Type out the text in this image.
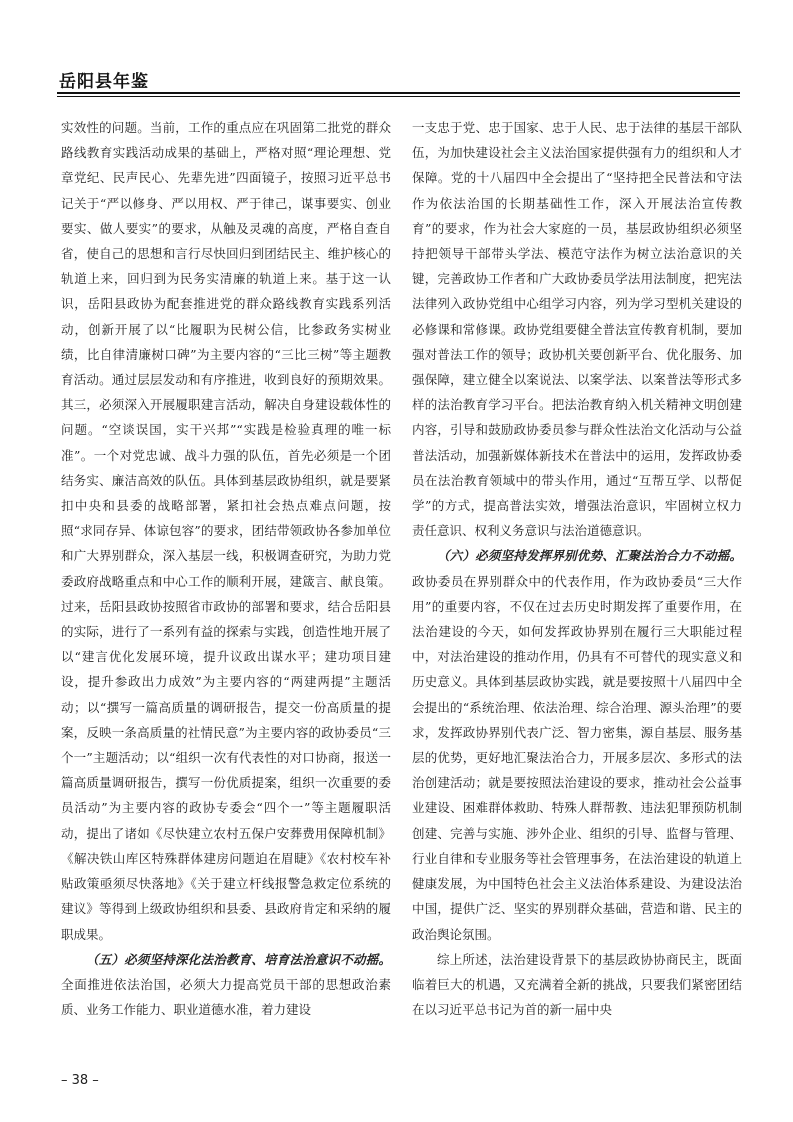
岳阳县年鉴

实效性的问题。当前，工作的重点应在巩固第二批党的群众路线教育实践活动成果的基础上，严格对照“理论理想、党章党纪、民声民心、先辈先进”四面镜子，按照习近平总书记关于“严以修身、严以用权、严于律己，谋事要实、创业要实、做人要实”的要求，从触及灵魂的高度，严格自查自省，使自己的思想和言行尽快回归到团结民主、维护核心的轨道上来，回归到为民务实清廉的轨道上来。基于这一认识，岳阳县政协为配套推进党的群众路线教育实践系列活动，创新开展了以“比履职为民树公信，比参政务实树业绩，比自律清廉树口碑”为主要内容的“三比三树”等主题教育活动。通过层层发动和有序推进，收到良好的预期效果。其三，必须深入开展履职建言活动，解决自身建设载体性的问题。“空谈误国，实干兴邦”“实践是检验真理的唯一标准”。一个对党忠诚、战斗力强的队伍，首先必须是一个团结务实、廉洁高效的队伍。具体到基层政协组织，就是要紧扣中央和县委的战略部署，紧扣社会热点难点问题，按照“求同存异、体谅包容”的要求，团结带领政协各参加单位和广大界别群众，深入基层一线，积极调查研究，为助力党委政府战略重点和中心工作的顺利开展，建箴言、献良策。过来，岳阳县政协按照省市政协的部署和要求，结合岳阳县的实际，进行了一系列有益的探索与实践，创造性地开展了以“建言优化发展环境，提升议政出谋水平；建功项目建设，提升参政出力成效”为主要内容的“两建两提”主题活动；以“撰写一篇高质量的调研报告，提交一份高质量的提案，反映一条高质量的社情民意”为主要内容的政协委员“三个一”主题活动；以“组织一次有代表性的对口协商，报送一篇高质量调研报告，撰写一份优质提案，组织一次重要的委员活动”为主要内容的政协专委会“四个一”等主题履职活动，提出了诸如《尽快建立农村五保户安葬费用保障机制》《解决铁山库区特殊群体建房问题迫在眉睫》《农村校车补贴政策亟须尽快落地》《关于建立杆线报警急救定位系统的建议》等得到上级政协组织和县委、县政府肯定和采纳的履职成果。

（五）必须坚持深化法治教育、培育法治意识不动摇。全面推进依法治国，必须大力提高党员干部的思想政治素质、业务工作能力、职业道德水准，着力建设

一支忠于党、忠于国家、忠于人民、忠于法律的基层干部队伍，为加快建设社会主义法治国家提供强有力的组织和人才保障。党的十八届四中全会提出了“坚持把全民普法和守法作为依法治国的长期基础性工作，深入开展法治宣传教育”的要求，作为社会大家庭的一员，基层政协组织必须坚持把领导干部带头学法、模范守法作为树立法治意识的关键，完善政协工作者和广大政协委员学法用法制度，把宪法法律列入政协党组中心组学习内容，列为学习型机关建设的必修课和常修课。政协党组要健全普法宣传教育机制，要加强对普法工作的领导；政协机关要创新平台、优化服务、加强保障，建立健全以案说法、以案学法、以案普法等形式多样的法治教育学习平台。把法治教育纳入机关精神文明创建内容，引导和鼓励政协委员参与群众性法治文化活动与公益普法活动，加强新媒体新技术在普法中的运用，发挥政协委员在法治教育领域中的带头作用，通过“互帮互学、以帮促学”的方式，提高普法实效，增强法治意识，牢固树立权力责任意识、权利义务意识与法治道德意识。

（六）必须坚持发挥界别优势、汇聚法治合力不动摇。政协委员在界别群众中的代表作用，作为政协委员“三大作用”的重要内容，不仅在过去历史时期发挥了重要作用，在法治建设的今天，如何发挥政协界别在履行三大职能过程中，对法治建设的推动作用，仍具有不可替代的现实意义和历史意义。具体到基层政协实践，就是要按照十八届四中全会提出的“系统治理、依法治理、综合治理、源头治理”的要求，发挥政协界别代表广泛、智力密集，源自基层、服务基层的优势，更好地汇聚法治合力，开展多层次、多形式的法治创建活动；就是要按照法治建设的要求，推动社会公益事业建设、困难群体救助、特殊人群帮教、违法犯罪预防机制创建、完善与实施、涉外企业、组织的引导、监督与管理、行业自律和专业服务等社会管理事务，在法治建设的轨道上健康发展，为中国特色社会主义法治体系建设、为建设法治中国，提供广泛、坚实的界别群众基础，营造和谐、民主的政治舆论氛围。

综上所述，法治建设背景下的基层政协协商民主，既面临着巨大的机遇，又充满着全新的挑战，只要我们紧密团结在以习近平总书记为首的新一届中央

– 38 –
